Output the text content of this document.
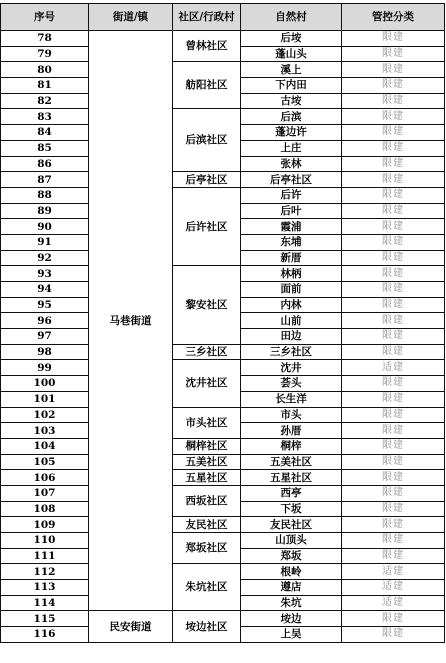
序号	街道/镇	社区/行政村	自然村	管控分类
78	马巷街道	曾林社区	后垵	限建
79			蓬山头	限建
80		舫阳社区	溪上	限建
81			下内田	限建
82			古垵	限建
83		后滨社区	后滨	限建
84			蓬边许	限建
85			上庄	限建
86			张林	限建
87		后亭社区	后亭社区	限建
88		后许社区	后许	限建
89			后叶	限建
90			霞浦	限建
91			东埔	限建
92			新厝	限建
93		黎安社区	林柄	限建
94			面前	限建
95			内林	限建
96			山前	限建
97			田边	限建
98		三乡社区	三乡社区	限建
99		沈井社区	沈井	适建
100			荟头	限建
101			长生洋	限建
102		市头社区	市头	限建
103			孙厝	限建
104		桐梓社区	桐梓	限建
105		五美社区	五美社区	限建
106		五星社区	五星社区	限建
107		西坂社区	西亭	限建
108			下坂	限建
109		友民社区	友民社区	限建
110		郑坂社区	山顶头	限建
111			郑坂	限建
112		朱坑社区	根岭	适建
113			遵店	适建
114			朱坑	适建
115	民安街道	垵边社区	垵边	限建
116			上吴	限建
